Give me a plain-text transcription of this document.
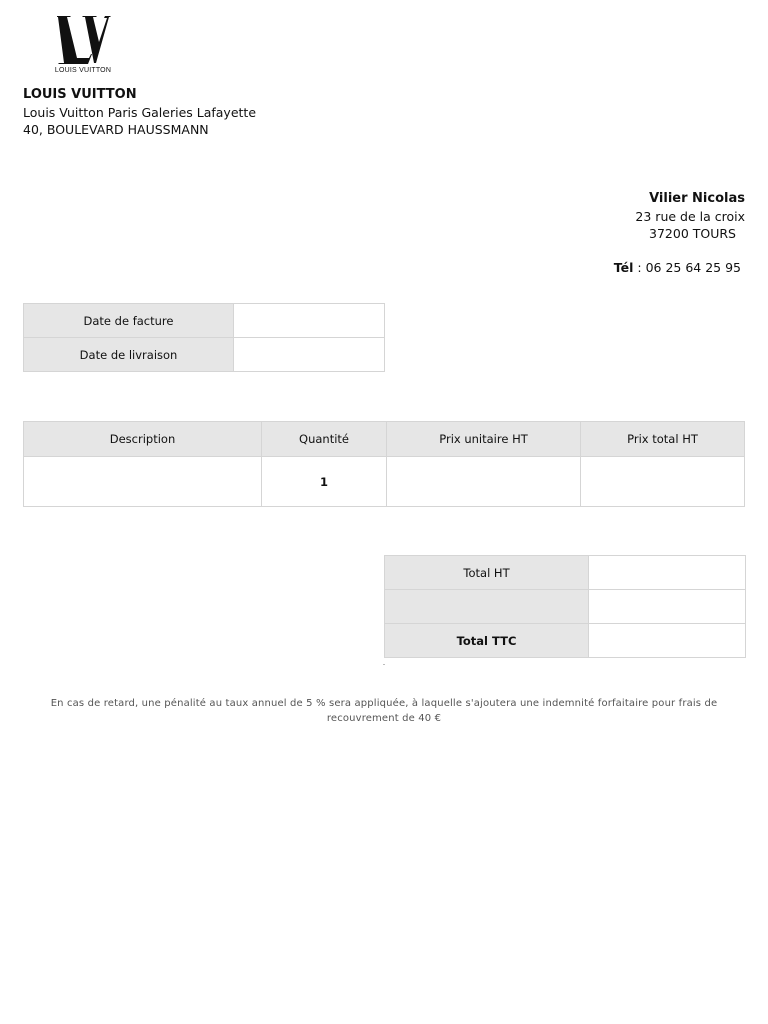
LOUIS VUITTON
LOUIS VUITTON
Louis Vuitton Paris Galeries Lafayette
40, BOULEVARD HAUSSMANN
Vilier Nicolas
23 rue de la croix
37200 TOURS
Tél : 06 25 64 25 95
Date de facture	
Date de livraison	
Description	Quantité	Prix unitaire HT	Prix total HT
	1		
Total HT	

Total TTC	
En cas de retard, une pénalité au taux annuel de 5 % sera appliquée, à laquelle s'ajoutera une indemnité forfaitaire pour frais de recouvrement de 40 €
